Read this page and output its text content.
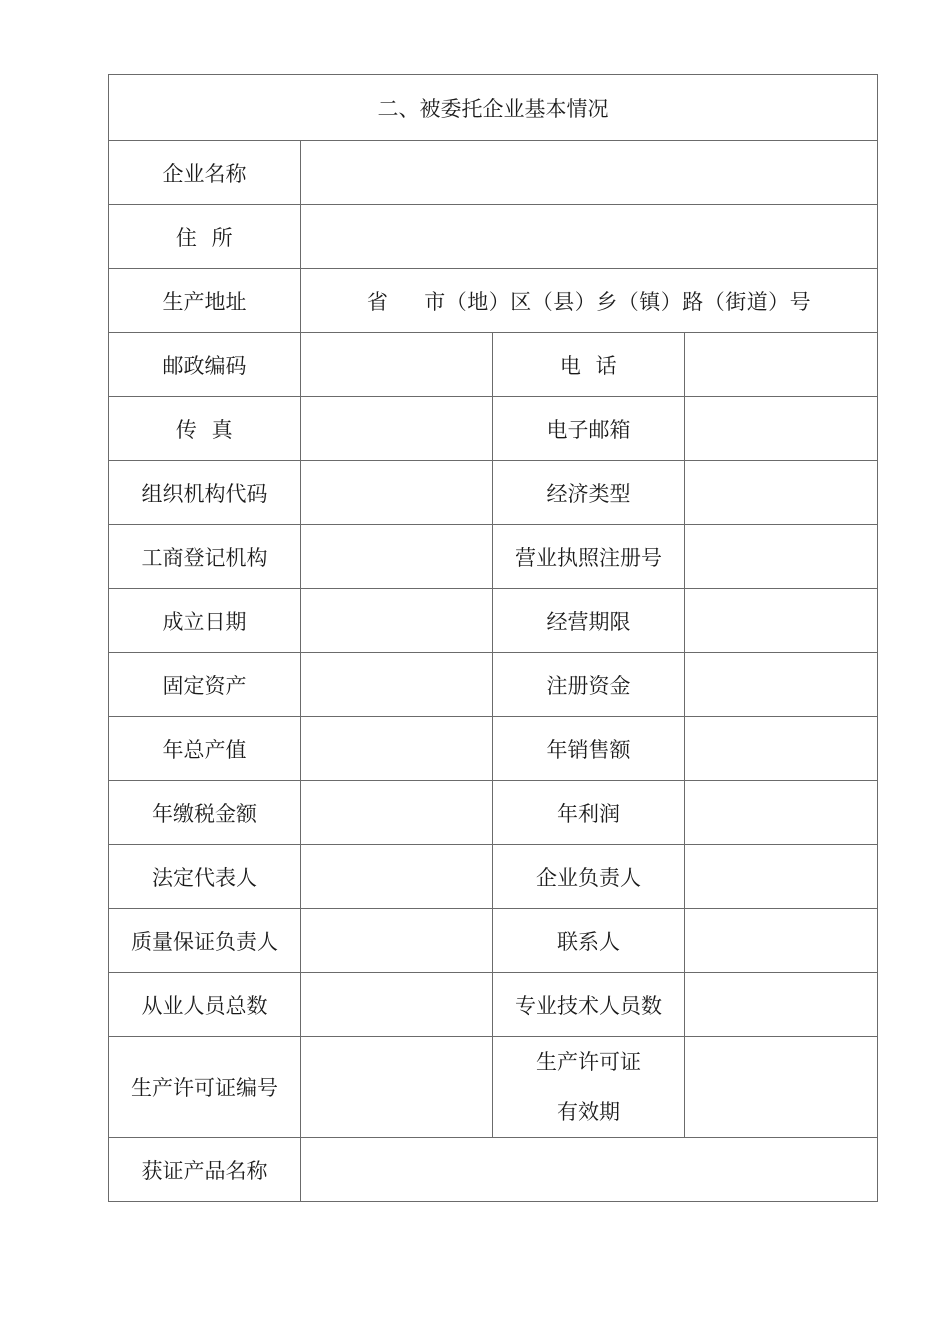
二、被委托企业基本情况			
企业名称			
住  所			
生产地址	省     市（地）区（县）乡（镇）路（街道）号		
邮政编码		电  话	
传  真		电子邮箱	
组织机构代码		经济类型	
工商登记机构		营业执照注册号	
成立日期		经营期限	
固定资产		注册资金	
年总产值		年销售额	
年缴税金额		年利润	
法定代表人		企业负责人	
质量保证负责人		联系人	
从业人员总数		专业技术人员数	
生产许可证编号		生产许可证
有效期	

获证产品名称			
